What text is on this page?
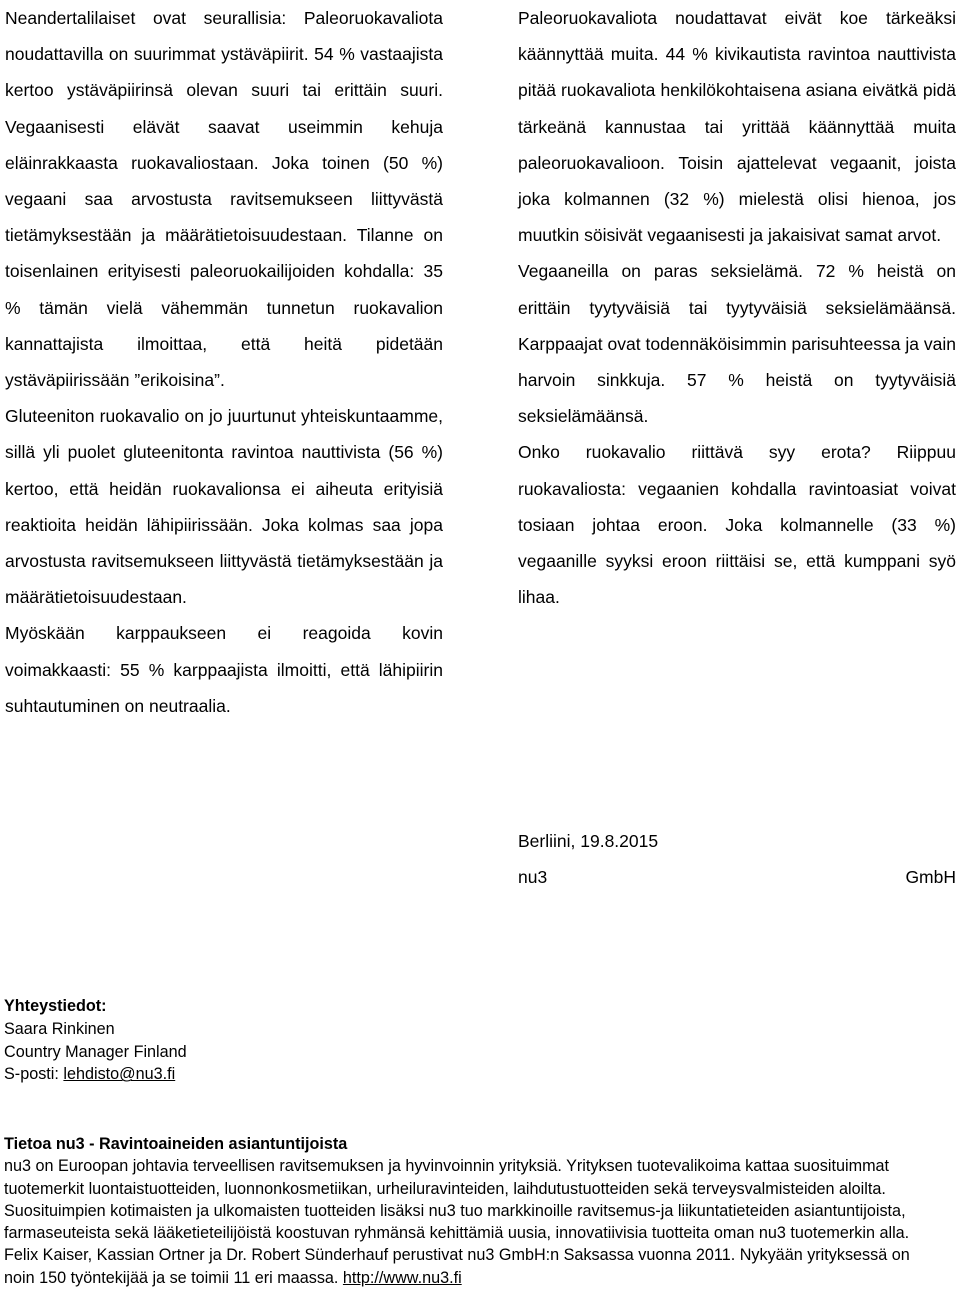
Neandertalilaiset ovat seurallisia: Paleoruokavaliota noudattavilla on suurimmat ystäväpiirit. 54 % vastaajista kertoo ystäväpiirinsä olevan suuri tai erittäin suuri. Vegaanisesti elävät saavat useimmin kehuja eläinrakkaasta ruokavaliostaan. Joka toinen (50 %) vegaani saa arvostusta ravitsemukseen liittyvästä tietämyksestään ja määrätietoisuudestaan. Tilanne on toisenlainen erityisesti paleoruokailijoiden kohdalla: 35 % tämän vielä vähemmän tunnetun ruokavalion kannattajista ilmoittaa, että heitä pidetään ystäväpiirissään ”erikoisina”.

Gluteeniton ruokavalio on jo juurtunut yhteiskuntaamme, sillä yli puolet gluteenitonta ravintoa nauttivista (56 %) kertoo, että heidän ruokavalionsa ei aiheuta erityisiä reaktioita heidän lähipiirissään. Joka kolmas saa jopa arvostusta ravitsemukseen liittyvästä tietämyksestään ja määrätietoisuudestaan.

Myöskään karppaukseen ei reagoida kovin voimakkaasti: 55 % karppaajista ilmoitti, että lähipiirin suhtautuminen on neutraalia.

Paleoruokavaliota noudattavat eivät koe tärkeäksi käännyttää muita. 44 % kivikautista ravintoa nauttivista pitää ruokavaliota henkilökohtaisena asiana eivätkä pidä tärkeänä kannustaa tai yrittää käännyttää muita paleoruokavalioon. Toisin ajattelevat vegaanit, joista joka kolmannen (32 %) mielestä olisi hienoa, jos muutkin söisivät vegaanisesti ja jakaisivat samat arvot.

Vegaaneilla on paras seksielämä. 72 % heistä on erittäin tyytyväisiä tai tyytyväisiä seksielämäänsä. Karppaajat ovat todennäköisimmin parisuhteessa ja vain harvoin sinkkuja. 57 % heistä on tyytyväisiä seksielämäänsä.

Onko ruokavalio riittävä syy erota? Riippuu ruokavaliosta: vegaanien kohdalla ravintoasiat voivat tosiaan johtaa eroon. Joka kolmannelle (33 %) vegaanille syyksi eroon riittäisi se, että kumppani syö lihaa.

Berliini, 19.8.2015

nu3	GmbH
Yhteystiedot:
Saara Rinkinen
Country Manager Finland
S-posti: lehdisto@nu3.fi
Tietoa nu3 - Ravintoaineiden asiantuntijoista
nu3 on Euroopan johtavia terveellisen ravitsemuksen ja hyvinvoinnin yrityksiä. Yrityksen tuotevalikoima kattaa suosituimmat tuotemerkit luontaistuotteiden, luonnonkosmetiikan, urheiluravinteiden, laihdutustuotteiden sekä terveysvalmisteiden aloilta. Suosituimpien kotimaisten ja ulkomaisten tuotteiden lisäksi nu3 tuo markkinoille ravitsemus-ja liikuntatieteiden asiantuntijoista, farmaseuteista sekä lääketieteilijöistä koostuvan ryhmänsä kehittämiä uusia, innovatiivisia tuotteita oman nu3 tuotemerkin alla. Felix Kaiser, Kassian Ortner ja Dr. Robert Sünderhauf perustivat nu3 GmbH:n Saksassa vuonna 2011. Nykyään yrityksessä on noin 150 työntekijää ja se toimii 11 eri maassa. http://www.nu3.fi
